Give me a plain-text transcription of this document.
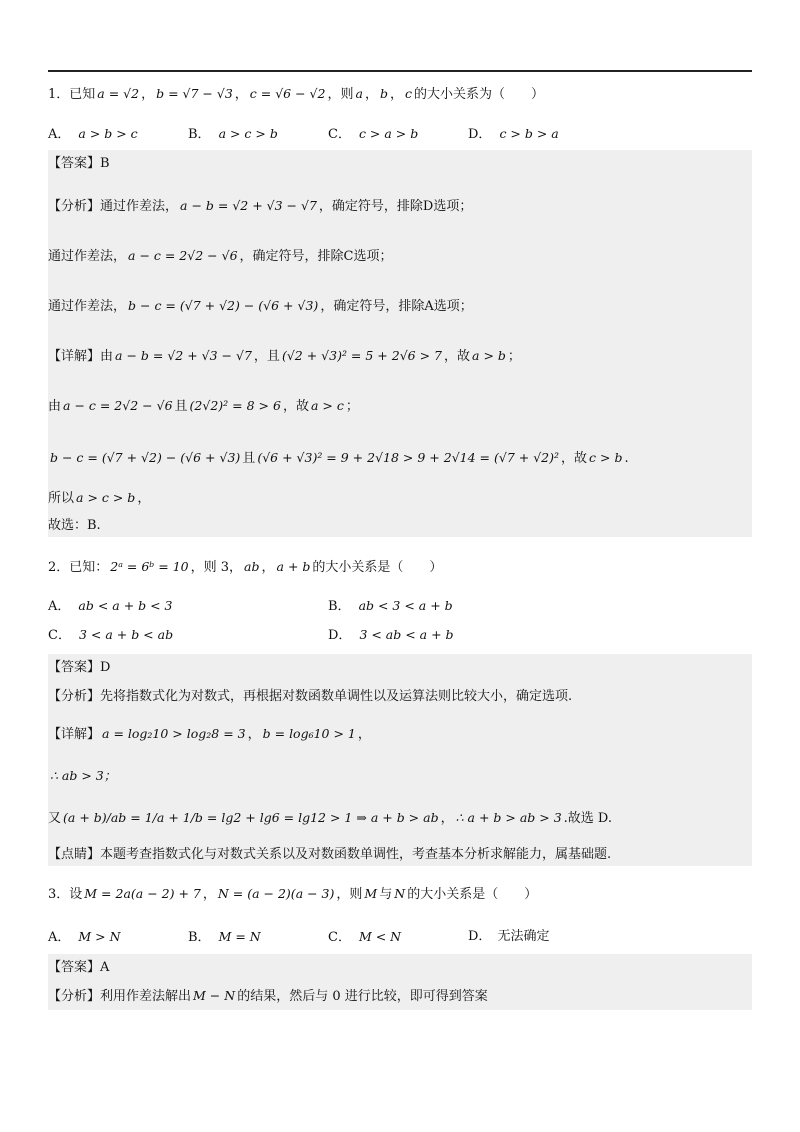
1．已知 a = √2 ， b = √7 − √3 ， c = √6 − √2 ，则 a ， b ， c 的大小关系为（　　）
A． a > b > c	B． a > c > b	C． c > a > b	D． c > b > a
【答案】B
【分析】通过作差法， a − b = √2 + √3 − √7 ，确定符号，排除D选项；
通过作差法， a − c = 2√2 − √6 ，确定符号，排除C选项；
通过作差法， b − c = (√7 + √2) − (√6 + √3) ，确定符号，排除A选项；
【详解】由 a − b = √2 + √3 − √7 ，且 (√2 + √3)² = 5 + 2√6 > 7 ，故 a > b ；
由 a − c = 2√2 − √6 且 (2√2)² = 8 > 6 ，故 a > c ；
b − c = (√7 + √2) − (√6 + √3) 且 (√6 + √3)² = 9 + 2√18 > 9 + 2√14 = (√7 + √2)² ，故 c > b .
所以 a > c > b ，
故选：B.
2．已知： 2ᵃ = 6ᵇ = 10 ，则 3， ab ， a + b 的大小关系是（　　）
A． ab < a + b < 3	B． ab < 3 < a + b
C． 3 < a + b < ab	D． 3 < ab < a + b
【答案】D
【分析】先将指数式化为对数式，再根据对数函数单调性以及运算法则比较大小，确定选项.
【详解】 a = log₂10 > log₂8 = 3 ， b = log₆10 > 1 ，
∴ ab > 3；
又 (a + b)/ab = 1/a + 1/b = lg2 + lg6 = lg12 > 1 ⇒ a + b > ab ， ∴ a + b > ab > 3 .故选 D.
【点睛】本题考查指数式化与对数式关系以及对数函数单调性，考查基本分析求解能力，属基础题.
3．设 M = 2a(a − 2) + 7 ， N = (a − 2)(a − 3) ，则 M 与 N 的大小关系是（　　）
A． M > N	B． M = N	C． M < N	D． 无法确定
【答案】A
【分析】利用作差法解出 M − N 的结果，然后与 0 进行比较，即可得到答案
